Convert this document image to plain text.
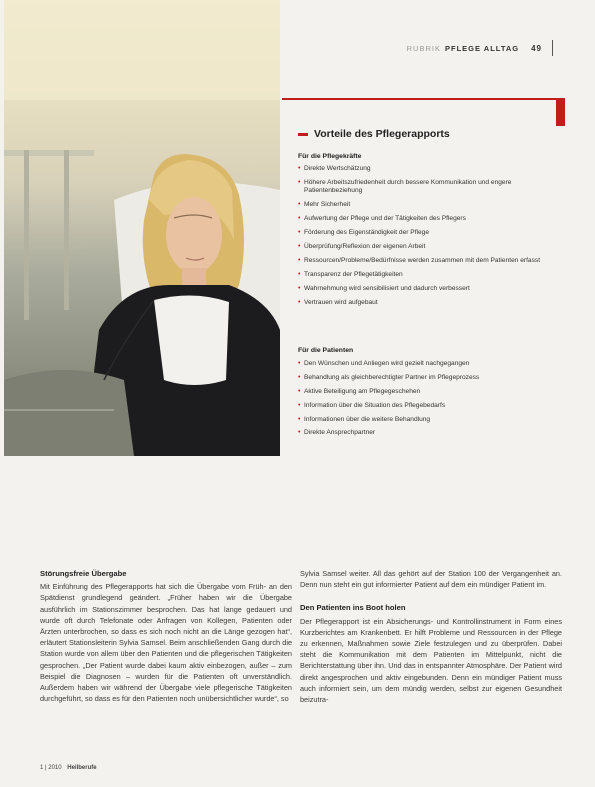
RUBRIK PFLEGE ALLTAG 49
Vorteile des Pflegerapports
Für die Pflegekräfte
• Direkte Wertschätzung
• Höhere Arbeitszufriedenheit durch bessere Kommunikation und engere Patientenbeziehung
• Mehr Sicherheit
• Aufwertung der Pflege und der Tätigkeiten des Pflegers
• Förderung des Eigenständigkeit der Pflege
• Überprüfung/Reflexion der eigenen Arbeit
• Ressourcen/Probleme/Bedürfnisse werden zusammen mit dem Patienten erfasst
• Transparenz der Pflegetätigkeiten
• Wahrnehmung wird sensibilisiert und dadurch verbessert
• Vertrauen wird aufgebaut
Für die Patienten
• Den Wünschen und Anliegen wird gezielt nachgegangen
• Behandlung als gleichberechtigter Partner im Pflegeprozess
• Aktive Beteiligung am Pflegegeschehen
• Information über die Situation des Pflegebedarfs
• Informationen über die weitere Behandlung
• Direkte Ansprechpartner
Störungsfreie Übergabe

Mit Einführung des Pflegerapports hat sich die Übergabe vom Früh- an den Spätdienst grundlegend geändert. „Früher haben wir die Übergabe ausführlich im Stationszimmer besprochen. Das hat lange gedauert und wurde oft durch Telefonate oder Anfragen von Kollegen, Patienten oder Ärzten unterbrochen, so dass es sich noch nicht an die Länge gezogen hat“, erläutert Stationsleiterin Sylvia Samsel. Beim anschließenden Gang durch die Station wurde von allem über den Patienten und die pflegerischen Tätigkeiten gesprochen. „Der Patient wurde dabei kaum aktiv einbezogen, außer – zum Beispiel die Diagnosen – wurden für die Patienten oft unverständlich. Außerdem haben wir während der Übergabe viele pflegerische Tätigkeiten durchgeführt, so dass es für den Patienten noch unübersichtlicher wurde“, so

Sylvia Samsel weiter. All das gehört auf der Station 100 der Vergangenheit an. Denn nun steht ein gut informierter Patient auf dem ein mündiger Patient im.

Den Patienten ins Boot holen

Der Pflegerapport ist ein Absicherungs- und Kontrollinstrument in Form eines Kurzberichtes am Krankenbett. Er hilft Probleme und Ressourcen in der Pflege zu erkennen, Maßnahmen sowie Ziele festzulegen und zu überprüfen. Dabei steht die Kommunikation mit dem Patienten im Mittelpunkt, nicht die Berichterstattung über ihn. Und das in entspannter Atmosphäre. Der Patient wird direkt angesprochen und aktiv eingebunden. Denn ein mündiger Patient muss auch informiert sein, um dem mündig werden, selbst zur eigenen Gesundheit beizutra-

1 | 2010 Heilberufe
